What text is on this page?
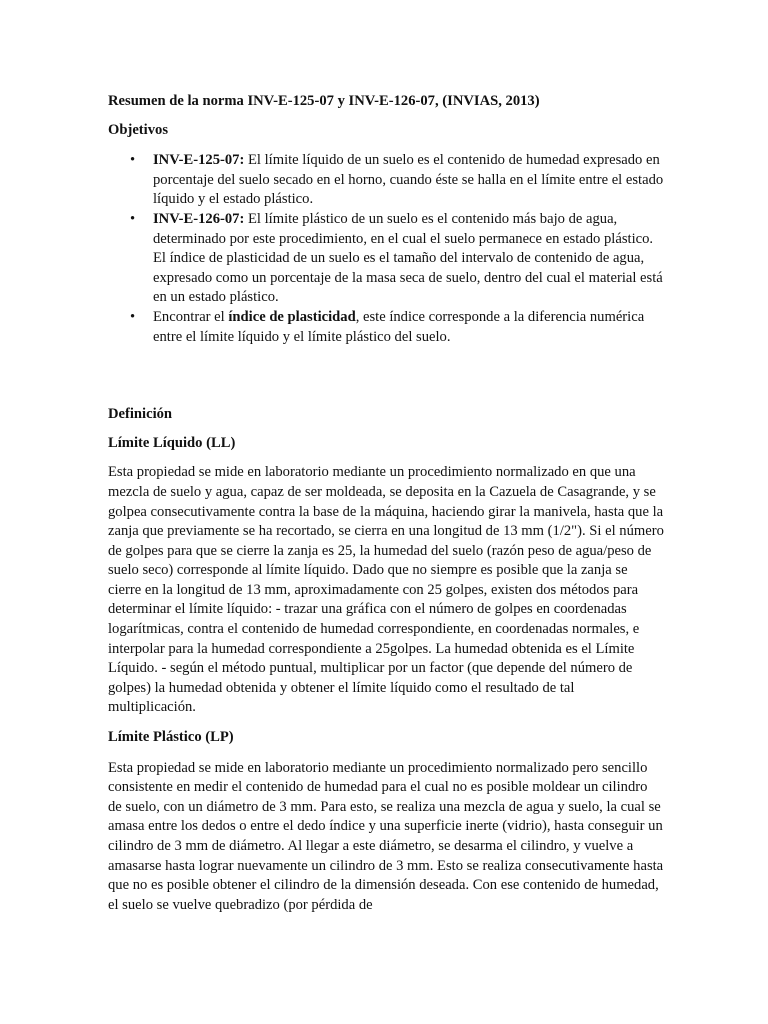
Resumen de la norma INV-E-125-07 y INV-E-126-07, (INVIAS, 2013)

Objetivos

• INV-E-125-07: El límite líquido de un suelo es el contenido de humedad expresado en porcentaje del suelo secado en el horno, cuando éste se halla en el límite entre el estado líquido y el estado plástico.
• INV-E-126-07: El límite plástico de un suelo es el contenido más bajo de agua, determinado por este procedimiento, en el cual el suelo permanece en estado plástico. El índice de plasticidad de un suelo es el tamaño del intervalo de contenido de agua, expresado como un porcentaje de la masa seca de suelo, dentro del cual el material está en un estado plástico.
• Encontrar el índice de plasticidad, este índice corresponde a la diferencia numérica entre el límite líquido y el límite plástico del suelo.

Definición

Límite Líquido (LL)

Esta propiedad se mide en laboratorio mediante un procedimiento normalizado en que una mezcla de suelo y agua, capaz de ser moldeada, se deposita en la Cazuela de Casagrande, y se golpea consecutivamente contra la base de la máquina, haciendo girar la manivela, hasta que la zanja que previamente se ha recortado, se cierra en una longitud de 13 mm (1/2"). Si el número de golpes para que se cierre la zanja es 25, la humedad del suelo (razón peso de agua/peso de suelo seco) corresponde al límite líquido. Dado que no siempre es posible que la zanja se cierre en la longitud de 13 mm, aproximadamente con 25 golpes, existen dos métodos para determinar el límite líquido: - trazar una gráfica con el número de golpes en coordenadas logarítmicas, contra el contenido de humedad correspondiente, en coordenadas normales, e interpolar para la humedad correspondiente a 25golpes. La humedad obtenida es el Límite Líquido. - según el método puntual, multiplicar por un factor (que depende del número de golpes) la humedad obtenida y obtener el límite líquido como el resultado de tal multiplicación.

Límite Plástico (LP)

Esta propiedad se mide en laboratorio mediante un procedimiento normalizado pero sencillo consistente en medir el contenido de humedad para el cual no es posible moldear un cilindro de suelo, con un diámetro de 3 mm. Para esto, se realiza una mezcla de agua y suelo, la cual se amasa entre los dedos o entre el dedo índice y una superficie inerte (vidrio), hasta conseguir un cilindro de 3 mm de diámetro. Al llegar a este diámetro, se desarma el cilindro, y vuelve a amasarse hasta lograr nuevamente un cilindro de 3 mm. Esto se realiza consecutivamente hasta que no es posible obtener el cilindro de la dimensión deseada. Con ese contenido de humedad, el suelo se vuelve quebradizo (por pérdida de
